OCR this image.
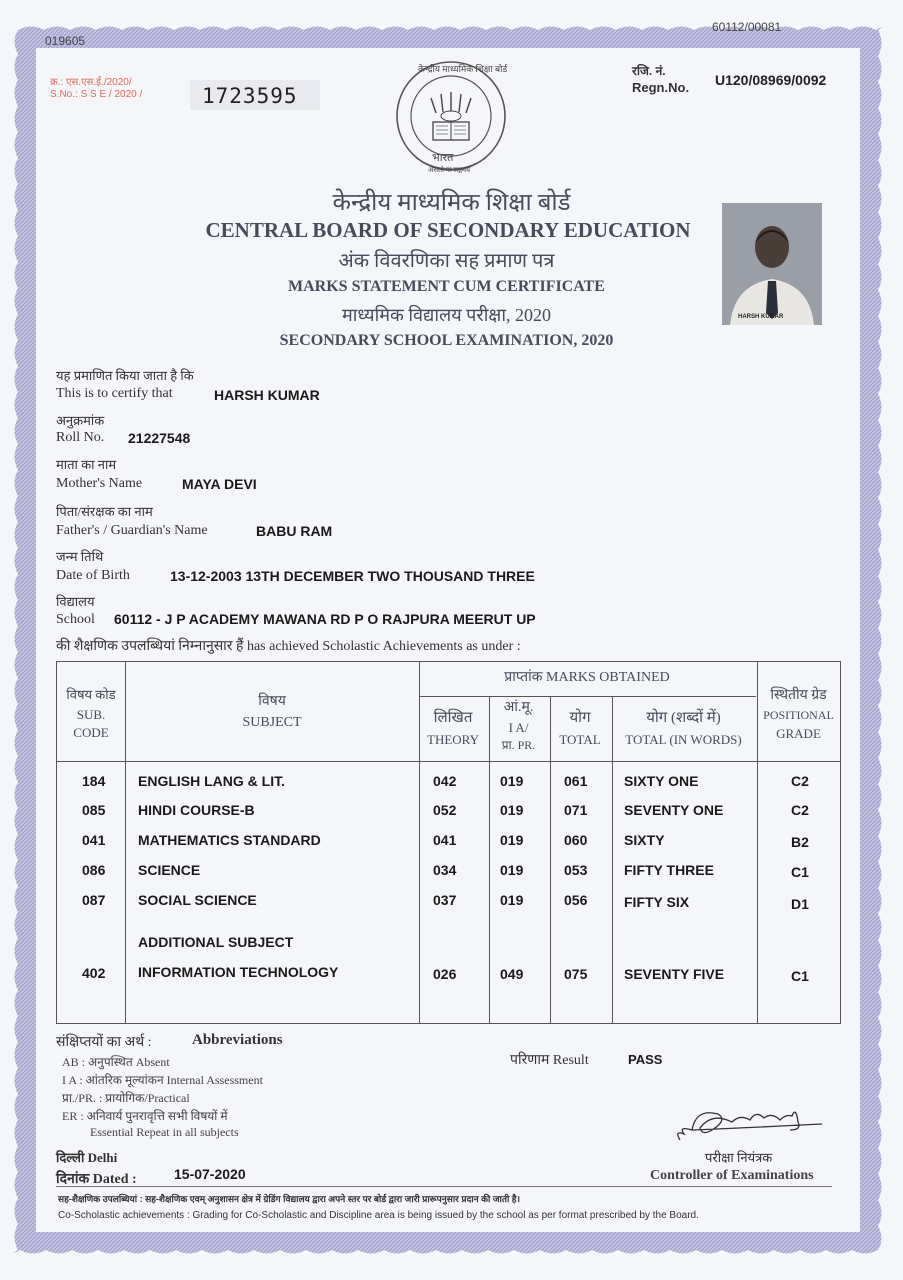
019605
60112/00081
क्र.: एस.एस.ई./2020/
S.No.: S S E / 2020 /	1723595
रजि. नं.
Regn.No. U120/08969/0092
भारत
असतो मा सद्गमय
केन्द्रीय माध्यमिक शिक्षा बोर्ड
केन्द्रीय माध्यमिक शिक्षा बोर्ड
CENTRAL BOARD OF SECONDARY EDUCATION
अंक विवरणिका सह प्रमाण पत्र
MARKS STATEMENT CUM CERTIFICATE
माध्यमिक विद्यालय परीक्षा, 2020
SECONDARY SCHOOL EXAMINATION, 2020
HARSH KUMAR
यह प्रमाणित किया जाता है कि
This is to certify that	HARSH KUMAR
अनुक्रमांक
Roll No. 21227548
माता का नाम
Mother's Name	MAYA DEVI
पिता/संरक्षक का नाम
Father's / Guardian's Name	BABU RAM
जन्म तिथि
Date of Birth	13-12-2003 13TH DECEMBER TWO THOUSAND THREE
विद्यालय
School 60112 - J P ACADEMY MAWANA RD P O RAJPURA MEERUT UP
की शैक्षणिक उपलब्धियां निम्नानुसार हैं has achieved Scholastic Achievements as under :
विषय कोड
SUB.
CODE
विषय
SUBJECT
प्राप्तांक MARKS OBTAINED
लिखित
THEORY
आं.मू.
I A/
प्रा. PR.
योग
TOTAL
योग (शब्दों में)
TOTAL (IN WORDS)
स्थितीय ग्रेड
POSITIONAL
GRADE
184 ENGLISH LANG & LIT.	042	019	061	SIXTY ONE	C2
085 HINDI COURSE-B	052	019	071	SEVENTY ONE	C2
041 MATHEMATICS STANDARD	041	019	060	SIXTY	B2
086 SCIENCE	034	019	053	FIFTY THREE	C1
087 SOCIAL SCIENCE	037	019	056	FIFTY SIX	D1
ADDITIONAL SUBJECT
402 INFORMATION TECHNOLOGY	026	049	075	SEVENTY FIVE	C1
संक्षिप्तयों का अर्थ :	Abbreviations
AB : अनुपस्थित Absent
I A : आंतरिक मूल्यांकन Internal Assessment
प्रा./PR. : प्रायोगिक/Practical
ER : अनिवार्य पुनरावृत्ति सभी विषयों में
Essential Repeat in all subjects
परिणाम Result	PASS
दिल्ली Delhi
दिनांक Dated :	15-07-2020
परीक्षा नियंत्रक
Controller of Examinations
सह-शैक्षणिक उपलब्धियां : सह-शैक्षणिक एवम् अनुशासन क्षेत्र में ग्रेडिंग विद्यालय द्वारा अपने स्तर पर बोर्ड द्वारा जारी प्रारूपनुसार प्रदान की जाती है।
Co-Scholastic achievements : Grading for Co-Scholastic and Discipline area is being issued by the school as per format prescribed by the Board.
